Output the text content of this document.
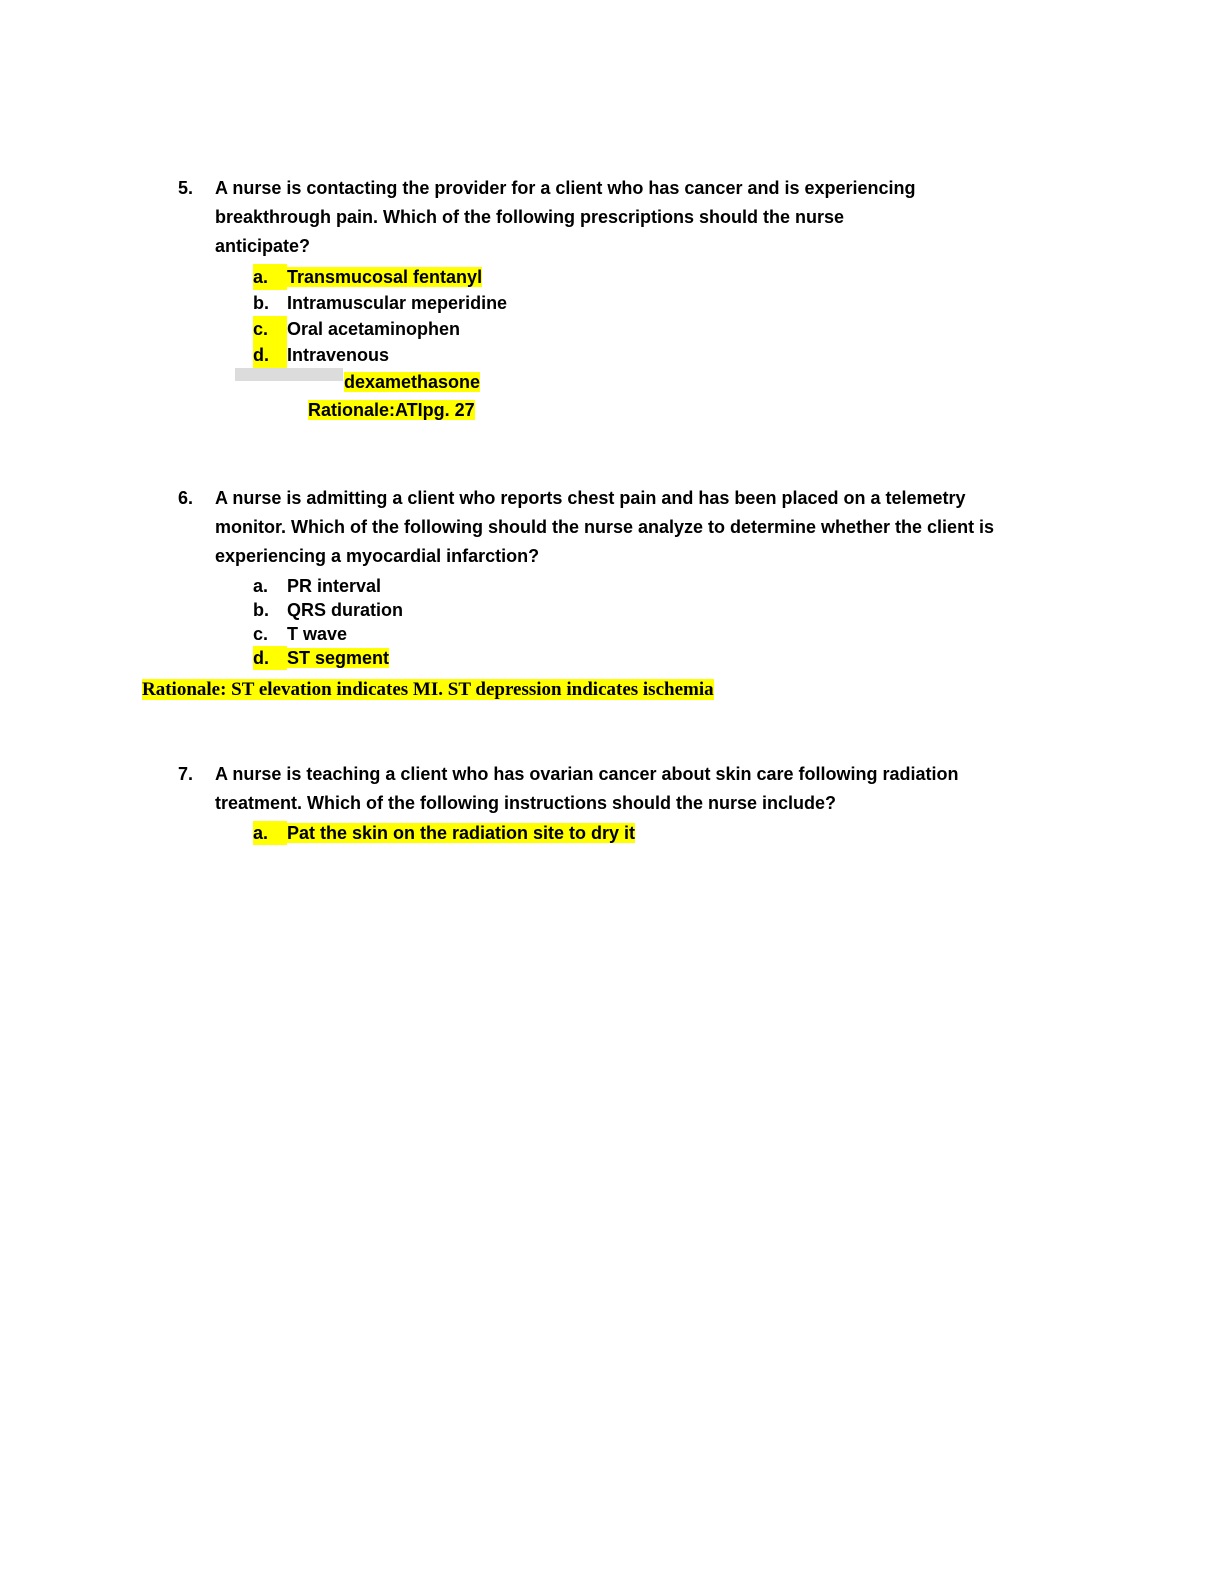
5.	A nurse is contacting the provider for a client who has cancer and is experiencing
breakthrough pain. Which of the following prescriptions should the nurse
anticipate?
a. Transmucosal fentanyl
b. Intramuscular meperidine
c. Oral acetaminophen
d. Intravenous
dexamethasone
Rationale:ATIpg. 27
6.	A nurse is admitting a client who reports chest pain and has been placed on a telemetry
monitor. Which of the following should the nurse analyze to determine whether the client is
experiencing a myocardial infarction?
a. PR interval
b. QRS duration
c. T wave
d. ST segment
Rationale: ST elevation indicates MI. ST depression indicates ischemia
7.	A nurse is teaching a client who has ovarian cancer about skin care following radiation
treatment. Which of the following instructions should the nurse include?
a. Pat the skin on the radiation site to dry it
